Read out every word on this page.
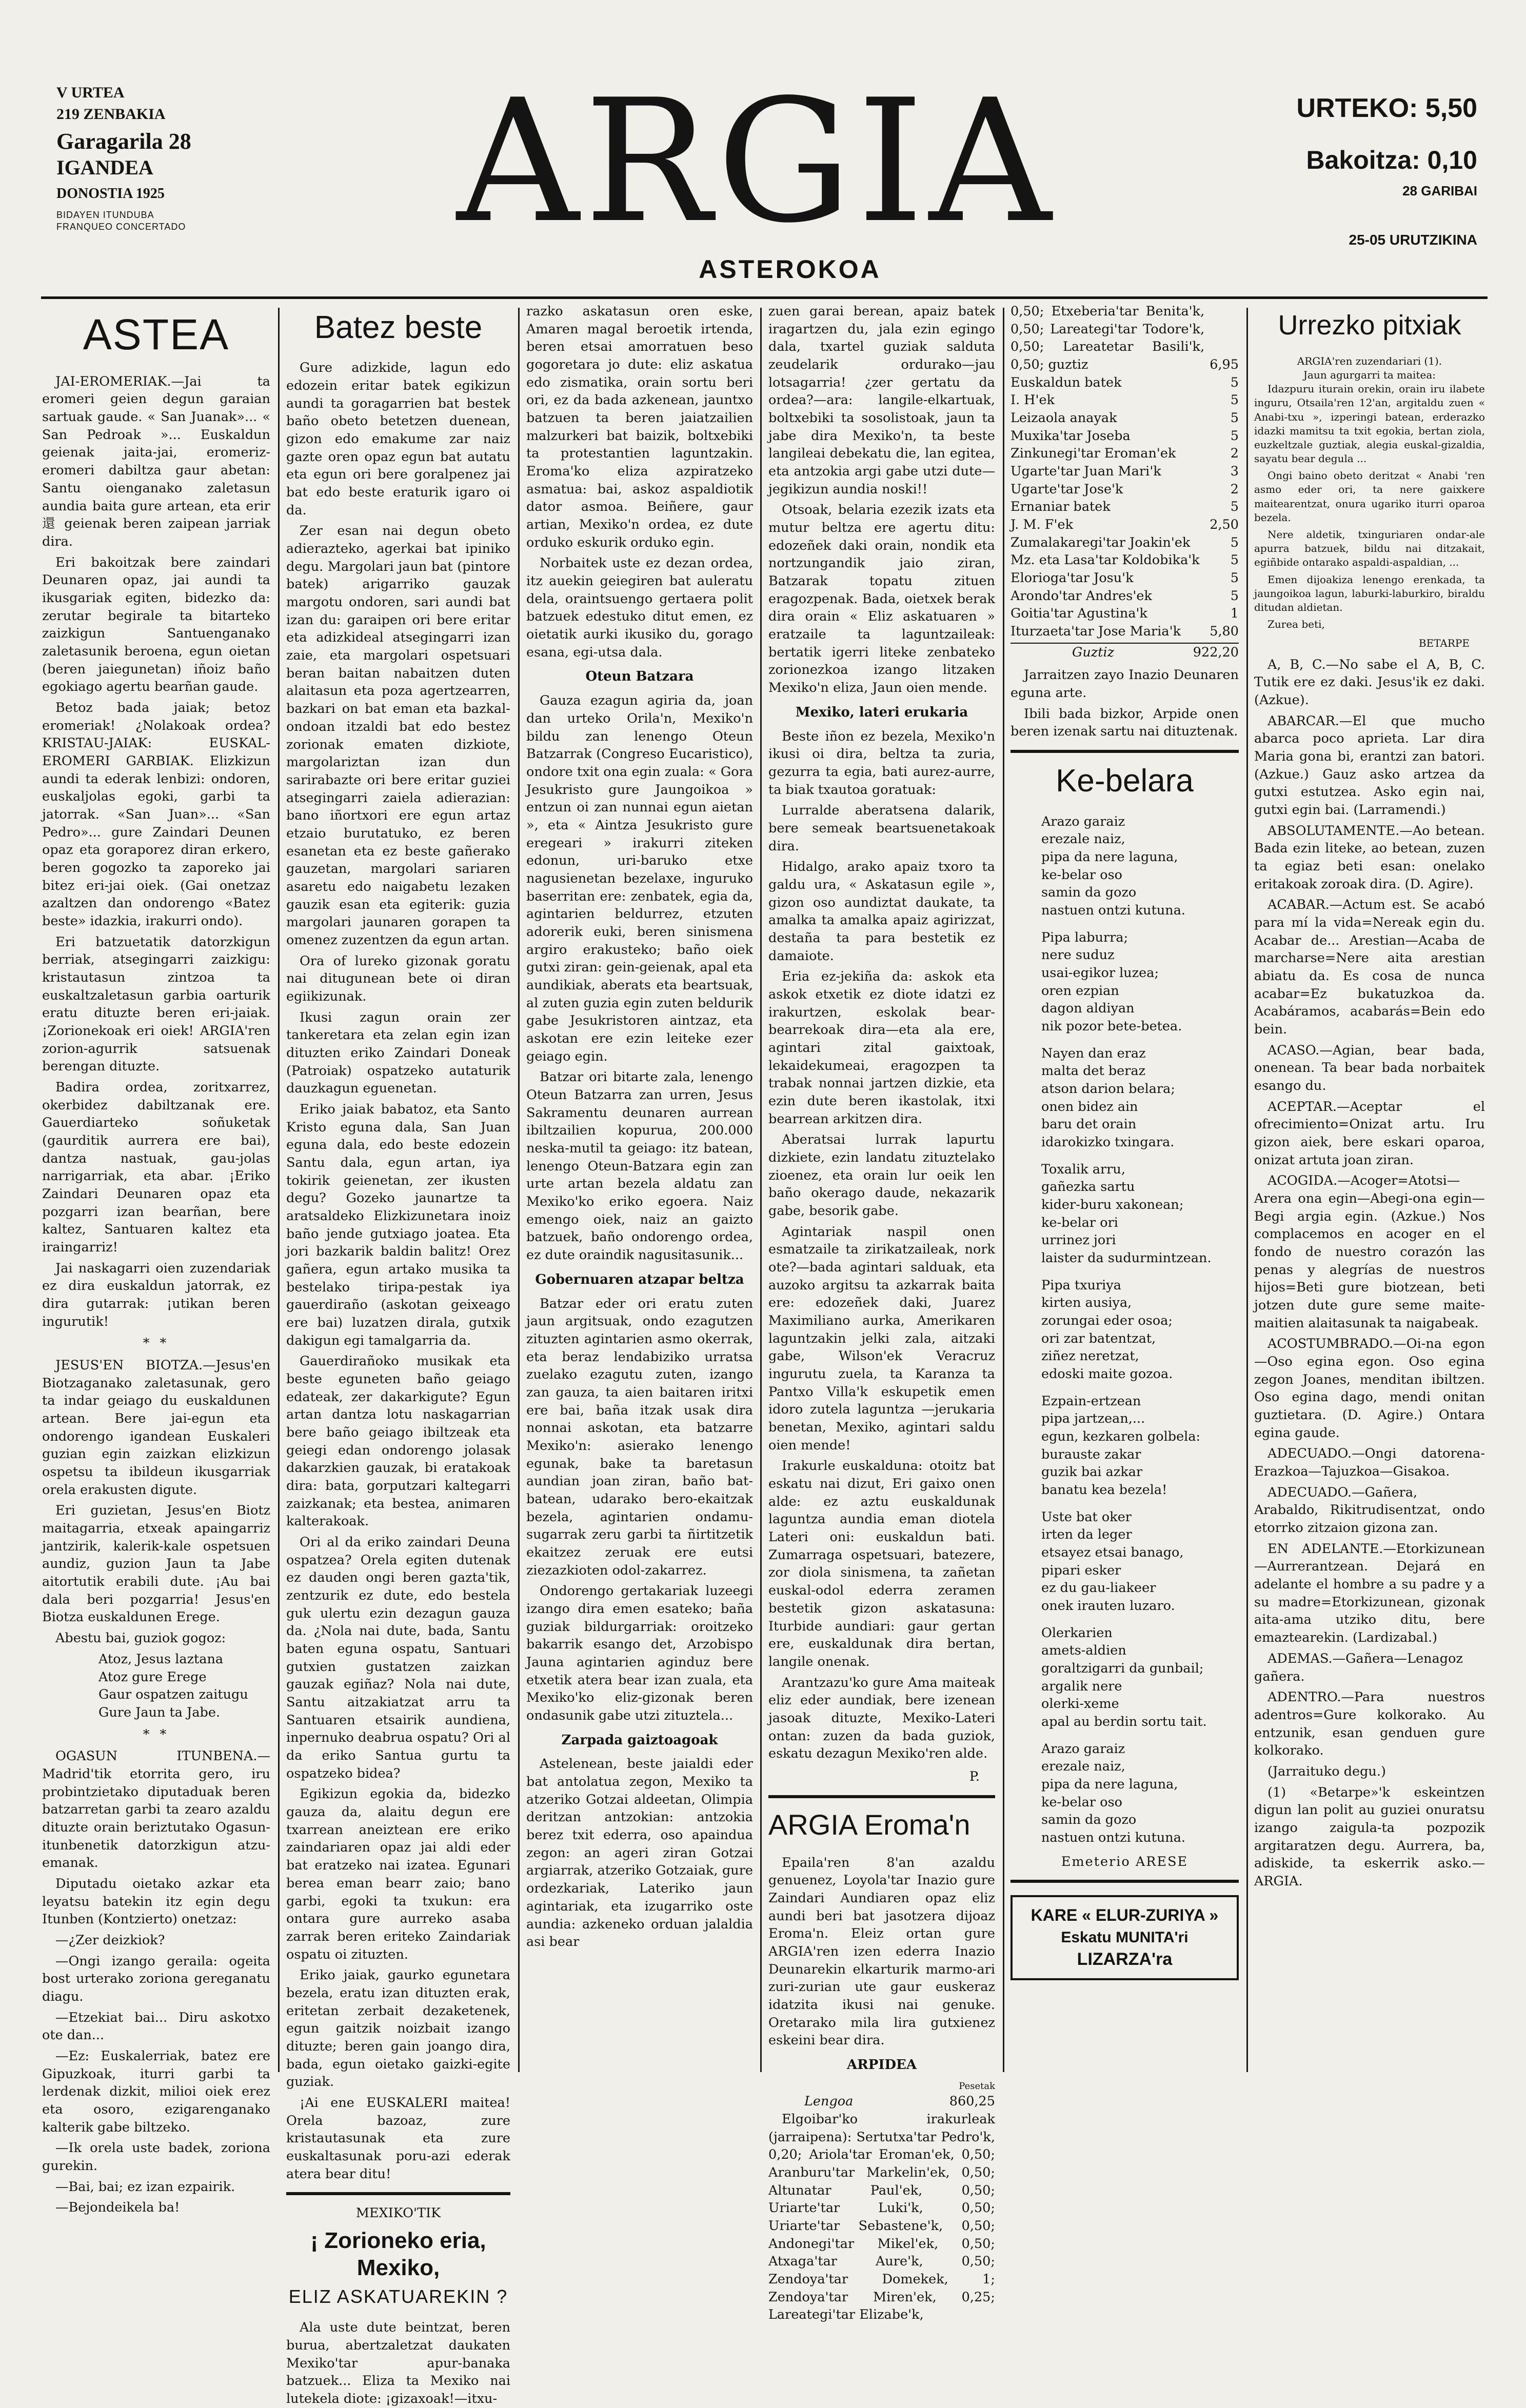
V URTEA
219 ZENBAKIA
Garagarila 28
IGANDEA
DONOSTIA 1925
BIDAYEN ITUNDUBA
FRANQUEO CONCERTADO	ARGIA
ASTEROKOA
URTEKO: 5,50
Bakoitza: 0,10
28 GARIBAI
25-05 URUTZIKINA
ASTEA

JAI-EROMERIAK.—Jai ta eromeri geien degun garaian sartuak gaude. « San Juanak»... « San Pedroak »... Euskaldun geienak jaita-jai, eromeriz-eromeri dabiltza gaur abetan: Santu oienganako zaletasun aundia baita gure artean, eta erir還 geienak beren zaipean jarriak dira.

Eri bakoitzak bere zaindari Deunaren opaz, jai aundi ta ikusgariak egiten, bidezko da: zerutar begirale ta bitarteko zaizkigun Santuenganako zaletasunik beroena, egun oietan (beren jaiegunetan) iñoiz baño egokiago agertu bearñan gaude.

Betoz bada jaiak; betoz eromeriak! ¿Nolakoak ordea? KRISTAU-JAIAK: EUSKAL-EROMERI GARBIAK. Elizkizun aundi ta ederak lenbizi: ondoren, euskaljolas egoki, garbi ta jatorrak. «San Juan»... «San Pedro»... gure Zaindari Deunen opaz eta goraporez diran erkero, beren gogozko ta zaporeko jai bitez eri-jai oiek. (Gai onetzaz azaltzen dan ondorengo «Batez beste» idazkia, irakurri ondo).

Eri batzuetatik datorzkigun berriak, atsegingarri zaizkigu: kristautasun zintzoa ta euskaltzaletasun garbia oarturik eratu dituzte beren eri-jaiak. ¡Zorionekoak eri oiek! ARGIA'ren zorion-agurrik satsuenak berengan dituzte.

Badira ordea, zoritxarrez, okerbidez dabiltzanak ere. Gauerdiarteko soñuketak (gaurditik aurrera ere bai), dantza nastuak, gau-jolas narrigarriak, eta abar. ¡Eriko Zaindari Deunaren opaz eta pozgarri izan bearñan, bere kaltez, Santuaren kaltez eta iraingarriz!

Jai naskagarri oien zuzendariak ez dira euskaldun jatorrak, ez dira gutarrak: ¡utikan beren ingurutik!

* *

JESUS'EN BIOTZA.—Jesus'en Biotzaganako zaletasunak, gero ta indar geiago du euskaldunen artean. Bere jai-egun eta ondorengo igandean Euskaleri guzian egin zaizkan elizkizun ospetsu ta ibildeun ikusgarriak orela erakusten digute.

Eri guzietan, Jesus'en Biotz maitagarria, etxeak apaingarriz jantzirik, kalerik-kale ospetsuen aundiz, guzion Jaun ta Jabe aitortutik erabili dute. ¡Au bai dala beri pozgarria! Jesus'en Biotza euskaldunen Erege.

Abestu bai, guziok gogoz:

Atoz, Jesus laztana
Atoz gure Erege
Gaur ospatzen zaitugu
Gure Jaun ta Jabe.
* *

OGASUN ITUNBENA.—Madrid'tik etorrita gero, iru probintzietako diputaduak beren batzarretan garbi ta zearo azaldu dituzte orain beriztutako Ogasun-itunbenetik datorzkigun atzu-emanak.

Diputadu oietako azkar eta leyatsu batekin itz egin degu Itunben (Kontzierto) onetzaz:

—¿Zer deizkiok?

—Ongi izango geraila: ogeita bost urterako zoriona gereganatu diagu.

—Etzekiat bai... Diru askotxo ote dan...

—Ez: Euskalerriak, batez ere Gipuzkoak, iturri garbi ta lerdenak dizkit, milioi oiek erez eta osoro, ezigarenganako kalterik gabe biltzeko.

—Ik orela uste badek, zoriona gurekin.

—Bai, bai; ez izan ezpairik.

—Bejondeikela ba!

Batez beste

Gure adizkide, lagun edo edozein eritar batek egikizun aundi ta goragarrien bat bestek baño obeto betetzen duenean, gizon edo emakume zar naiz gazte oren opaz egun bat autatu eta egun ori bere goralpenez jai bat edo beste eraturik igaro oi da.

Zer esan nai degun obeto adierazteko, agerkai bat ipiniko degu. Margolari jaun bat (pintore batek) arigarriko gauzak margotu ondoren, sari aundi bat izan du: garaipen ori bere eritar eta adizkideal atsegingarri izan zaie, eta margolari ospetsuari beran baitan nabaitzen duten alaitasun eta poza agertzearren, bazkari on bat eman eta bazkal-ondoan itzaldi bat edo bestez zorionak ematen dizkiote, margolariztan izan dun sarirabazte ori bere eritar guziei atsegingarri zaiela adierazian: bano iñortxori ere egun artaz etzaio burutatuko, ez beren esanetan eta ez beste gañerako gauzetan, margolari sariaren asaretu edo naigabetu lezaken gauzik esan eta egiterik: guzia margolari jaunaren gorapen ta omenez zuzentzen da egun artan.

Ora of lureko gizonak goratu nai ditugunean bete oi diran egiikizunak.

Ikusi zagun orain zer tankeretara eta zelan egin izan dituzten eriko Zaindari Doneak (Patroiak) ospatzeko autaturik dauzkagun eguenetan.

Eriko jaiak babatoz, eta Santo Kristo eguna dala, San Juan eguna dala, edo beste edozein Santu dala, egun artan, iya tokirik geienetan, zer ikusten degu? Gozeko jaunartze ta aratsaldeko Elizkizunetara inoiz baño jende gutxiago joatea. Eta jori bazkarik baldin balitz! Orez gañera, egun artako musika ta bestelako tiripa-pestak iya gauerdiraño (askotan geixeago ere bai) luzatzen dirala, gutxik dakigun egi tamalgarria da.

Gauerdirañoko musikak eta beste eguneten baño geiago edateak, zer dakarkigute? Egun artan dantza lotu naskagarrian bere baño geiago ibiltzeak eta geiegi edan ondorengo jolasak dakarzkien gauzak, bi eratakoak dira: bata, gorputzari kaltegarri zaizkanak; eta bestea, animaren kalterakoak.

Ori al da eriko zaindari Deuna ospatzea? Orela egiten dutenak ez dauden ongi beren gazta'tik, zentzurik ez dute, edo bestela guk ulertu ezin dezagun gauza da. ¿Nola nai dute, bada, Santu baten eguna ospatu, Santuari gutxien gustatzen zaizkan gauzak egiñaz? Nola nai dute, Santu aitzakiatzat arru ta Santuaren etsairik aundiena, inpernuko deabrua ospatu? Ori al da eriko Santua gurtu ta ospatzeko bidea?

Egikizun egokia da, bidezko gauza da, alaitu degun ere txarrean aneiztean ere eriko zaindariaren opaz jai aldi eder bat eratzeko nai izatea. Egunari berea eman bearr zaio; bano garbi, egoki ta txukun: era ontara gure aurreko asaba zarrak beren eriteko Zaindariak ospatu oi zituzten.

Eriko jaiak, gaurko egunetara bezela, eratu izan dituzten erak, eritetan zerbait dezaketenek, egun gaitzik noizbait izango dituzte; beren gain joango dira, bada, egun oietako gaizki-egite guziak.

¡Ai ene EUSKALERI maitea! Orela bazoaz, zure kristautasunak eta zure euskaltasunak poru-azi ederak atera bear ditu!

MEXIKO'TIK
¡ Zorioneko eria, Mexiko,
ELIZ ASKATUAREKIN ?

Ala uste dute beintzat, beren burua, abertzaletzat daukaten Mexiko'tar apur-banaka batzuek... Eliza ta Mexiko nai lutekela diote: ¡gizaxoak!—itxu-

razko askatasun oren eske, Amaren magal beroetik irtenda, beren etsai amorratuen beso gogoretara jo dute: eliz askatua edo zismatika, orain sortu beri ori, ez da bada azkenean, jauntxo batzuen ta beren jaiatzailien malzurkeri bat baizik, boltxebiki ta protestantien laguntzakin. Eroma'ko eliza azpiratzeko asmatua: bai, askoz aspaldiotik dator asmoa. Beiñere, gaur artian, Mexiko'n ordea, ez dute orduko eskurik orduko egin.

Norbaitek uste ez dezan ordea, itz auekin geiegiren bat auleratu dela, oraintsuengo gertaera polit batzuek edestuko ditut emen, ez oietatik aurki ikusiko du, gorago esana, egi-utsa dala.

Oteun Batzara

Gauza ezagun agiria da, joan dan urteko Orila'n, Mexiko'n bildu zan lenengo Oteun Batzarrak (Congreso Eucaristico), ondore txit ona egin zuala: « Gora Jesukristo gure Jaungoikoa » entzun oi zan nunnai egun aietan », eta « Aintza Jesukristo gure eregeari » irakurri ziteken edonun, uri-baruko etxe nagusienetan bezelaxe, inguruko baserritan ere: zenbatek, egia da, agintarien beldurrez, etzuten adorerik euki, beren sinismena argiro erakusteko; baño oiek gutxi ziran: gein-geienak, apal eta aundikiak, aberats eta beartsuak, al zuten guzia egin zuten beldurik gabe Jesukristoren aintzaz, eta askotan ere ezin leiteke ezer geiago egin.

Batzar ori bitarte zala, lenengo Oteun Batzarra zan urren, Jesus Sakramentu deunaren aurrean ibiltzailien kopurua, 200.000 neska-mutil ta geiago: itz batean, lenengo Oteun-Batzara egin zan urte artan bezela aldatu zan Mexiko'ko eriko egoera. Naiz emengo oiek, naiz an gaizto batzuek, baño ondorengo ordea, ez dute oraindik nagusitasunik...

Gobernuaren atzapar beltza

Batzar eder ori eratu zuten jaun argitsuak, ondo ezagutzen zituzten agintarien asmo okerrak, eta beraz lendabiziko urratsa zuelako ezagutu zuten, izango zan gauza, ta aien baitaren iritxi ere bai, baña itzak usak dira nonnai askotan, eta batzarre Mexiko'n: asierako lenengo egunak, bake ta baretasun aundian joan ziran, baño bat-batean, udarako bero-ekaitzak bezela, agintarien ondamu-sugarrak zeru garbi ta ñirtitzetik ekaitzez zeruak ere eutsi ziezazkioten odol-zakarrez.

Ondorengo gertakariak luzeegi izango dira emen esateko; baña guziak bildurgarriak: oroitzeko bakarrik esango det, Arzobispo Jauna agintarien aginduz bere etxetik atera bear izan zuala, eta Mexiko'ko eliz-gizonak beren ondasunik gabe utzi zituztela...

Zarpada gaiztoagoak

Astelenean, beste jaialdi eder bat antolatua zegon, Mexiko ta atzeriko Gotzai aldeetan, Olimpia deritzan antzokian: antzokia berez txit ederra, oso apaindua zegon: an ageri ziran Gotzai argiarrak, atzeriko Gotzaiak, gure ordezkariak, Lateriko jaun agintariak, eta izugarriko oste aundia: azkeneko orduan jalaldia asi bear

zuen garai berean, apaiz batek iragartzen du, jala ezin egingo dala, txartel guziak salduta zeudelarik ordurako—jau lotsagarria! ¿zer gertatu da ordea?—ara: langile-elkartuak, boltxebiki ta sosolistoak, jaun ta jabe dira Mexiko'n, ta beste langileai debekatu die, lan egitea, eta antzokia argi gabe utzi dute—jegikizun aundia noski!!

Otsoak, belaria ezezik izats eta mutur beltza ere agertu ditu: edozeñek daki orain, nondik eta nortzungandik jaio ziran, Batzarak topatu zituen eragozpenak. Bada, oietxek berak dira orain « Eliz askatuaren » eratzaile ta laguntzaileak: bertatik igerri liteke zenbateko zorionezkoa izango litzaken Mexiko'n eliza, Jaun oien mende.

Mexiko, lateri erukaria

Beste iñon ez bezela, Mexiko'n ikusi oi dira, beltza ta zuria, gezurra ta egia, bati aurez-aurre, ta biak txautoa goratuak:

Lurralde aberatsena dalarik, bere semeak beartsuenetakoak dira.

Hidalgo, arako apaiz txoro ta galdu ura, « Askatasun egile », gizon oso aundiztat daukate, ta amalka ta amalka apaiz agirizzat, destaña ta para bestetik ez damaiote.

Eria ez-jekiña da: askok eta askok etxetik ez diote idatzi ez irakurtzen, eskolak bear-bearrekoak dira—eta ala ere, agintari zital gaixtoak, lekaidekumeai, eragozpen ta trabak nonnai jartzen dizkie, eta ezin dute beren ikastolak, itxi bearrean arkitzen dira.

Aberatsai lurrak lapurtu dizkiete, ezin landatu zituztelako zioenez, eta orain lur oeik len baño okerago daude, nekazarik gabe, besorik gabe.

Agintariak naspil onen esmatzaile ta zirikatzaileak, nork ote?—bada agintari salduak, eta auzoko argitsu ta azkarrak baita ere: edozeñek daki, Juarez Maximiliano aurka, Amerikaren laguntzakin jelki zala, aitzaki gabe, Wilson'ek Veracruz ingurutu zuela, ta Karanza ta Pantxo Villa'k eskupetik emen idoro zutela laguntza —jerukaria benetan, Mexiko, agintari saldu oien mende!

Irakurle euskalduna: otoitz bat eskatu nai dizut, Eri gaixo onen alde: ez aztu euskaldunak laguntza aundia eman diotela Lateri oni: euskaldun bati. Zumarraga ospetsuari, batezere, zor diola sinismena, ta zañetan euskal-odol ederra zeramen bestetik gizon askatasuna: Iturbide aundiari: gaur gertan ere, euskaldunak dira bertan, langile onenak.

Arantzazu'ko gure Ama maiteak eliz eder aundiak, bere izenean jasoak dituzte, Mexiko-Lateri ontan: zuzen da bada guziok, eskatu dezagun Mexiko'ren alde.

P.
ARGIA Eroma'n

Epaila'ren 8'an azaldu genuenez, Loyola'tar Inazio gure Zaindari Aundiaren opaz eliz aundi beri bat jasotzera dijoaz Eroma'n. Eleiz ortan gure ARGIA'ren izen ederra Inazio Deunarekin elkarturik marmo-ari zuri-zurian ute gaur euskeraz idatzita ikusi nai genuke. Oretarako mila lira gutxienez eskeini bear dira.

ARPIDEA
Pesetak
Lengoa	860,25

Elgoibar'ko irakurleak (jarraipena): Sertutxa'tar Pedro'k, 0,20; Ariola'tar Eroman'ek, 0,50; Aranburu'tar Markelin'ek, 0,50; Altunatar Paul'ek, 0,50; Uriarte'tar Luki'k, 0,50; Uriarte'tar Sebastene'k, 0,50; Andonegi'tar Mikel'ek, 0,50; Atxaga'tar Aure'k, 0,50; Zendoya'tar Domekek, 1; Zendoya'tar Miren'ek, 0,25; Lareategi'tar Elizabe'k,

0,50; Etxeberia'tar Benita'k, 0,50; Lareategi'tar Todore'k, 0,50; Lareatetar Basili'k, 0,50; guztiz	6,95
Euskaldun batek	5
I. H'ek	5
Leizaola anayak	5
Muxika'tar Joseba	5
Zinkunegi'tar Eroman'ek	2
Ugarte'tar Juan Mari'k	3
Ugarte'tar Jose'k	2
Ernaniar batek	5
J. M. F'ek	2,50
Zumalakaregi'tar Joakin'ek	5
Mz. eta Lasa'tar Koldobika'k	5
Elorioga'tar Josu'k	5
Arondo'tar Andres'ek	5
Goitia'tar Agustina'k	1
Iturzaeta'tar Jose Maria'k	5,80
Guztiz	922,20

Jarraitzen zayo Inazio Deunaren eguna arte.

Ibili bada bizkor, Arpide onen beren izenak sartu nai dituztenak.

Ke-belara
Arazo garaiz
erezale naiz,
pipa da nere laguna,
ke-belar oso
samin da gozo
nastuen ontzi kutuna.
Pipa laburra;
nere suduz
usai-egikor luzea;
oren ezpian
dagon aldiyan
nik pozor bete-betea.
Nayen dan eraz
malta det beraz
atson darion belara;
onen bidez ain
baru det orain
idarokizko txingara.
Toxalik arru,
gañezka sartu
kider-buru xakonean;
ke-belar ori
urrinez jori
laister da sudurmintzean.
Pipa txuriya
kirten ausiya,
zorungai eder osoa;
ori zar batentzat,
ziñez neretzat,
edoski maite gozoa.
Ezpain-ertzean
pipa jartzean,...
egun, kezkaren golbela:
burauste zakar
guzik bai azkar
banatu kea bezela!
Uste bat oker
irten da leger
etsayez etsai banago,
pipari esker
ez du gau-liakeer
onek irauten luzaro.
Olerkarien
amets-aldien
goraltzigarri da gunbail;
argalik nere
olerki-xeme
apal au berdin sortu tait.
Arazo garaiz
erezale naiz,
pipa da nere laguna,
ke-belar oso
samin da gozo
nastuen ontzi kutuna.
Emeterio ARESE
KARE « ELUR-ZURIYA »
Eskatu MUNITA'ri
LIZARZA'ra
Urrezko pitxiak
ARGIA'ren zuzendariari (1).
Jaun agurgarri ta maitea:

Idazpuru iturain orekin, orain iru ilabete inguru, Otsaila'ren 12'an, argitaldu zuen « Anabi-txu », izperingi batean, erderazko idazki mamitsu ta txit egokia, bertan ziola, euzkeltzale guztiak, alegia euskal-gizaldia, sayatu bear degula ...

Ongi baino obeto deritzat « Anabi 'ren asmo eder ori, ta nere gaixkere maitearentzat, onura ugariko iturri oparoa bezela.

Nere aldetik, txinguriaren ondar-ale apurra batzuek, bildu nai ditzakait, egiñbide ontarako aspaldi-aspaldian, ...

Emen dijoakiza lenengo erenkada, ta jaungoikoa lagun, laburki-laburkiro, biraldu ditudan aldietan.

Zurea beti,

BETARPE

A, B, C.—No sabe el A, B, C. Tutik ere ez daki. Jesus'ik ez daki. (Azkue).

ABARCAR.—El que mucho abarca poco aprieta. Lar dira Maria gona bi, erantzi zan batori. (Azkue.) Gauz asko artzea da gutxi estutzea. Asko egin nai, gutxi egin bai. (Larramendi.)

ABSOLUTAMENTE.—Ao betean. Bada ezin liteke, ao betean, zuzen ta egiaz beti esan: onelako eritakoak zoroak dira. (D. Agire).

ACABAR.—Actum est. Se acabó para mí la vida=Nereak egin du. Acabar de... Arestian—Acaba de marcharse=Nere aita arestian abiatu da. Es cosa de nunca acabar=Ez bukatuzkoa da. Acabáramos, acabarás=Bein edo bein.

ACASO.—Agian, bear bada, onenean. Ta bear bada norbaitek esango du.

ACEPTAR.—Aceptar el ofrecimiento=Onizat artu. Iru gizon aiek, bere eskari oparoa, onizat artuta joan ziran.

ACOGIDA.—Acoger=Atotsi—Arera ona egin—Abegi-ona egin—Begi argia egin. (Azkue.) Nos complacemos en acoger en el fondo de nuestro corazón las penas y alegrías de nuestros hijos=Beti gure biotzean, beti jotzen dute gure seme maite-maitien alaitasunak ta naigabeak.

ACOSTUMBRADO.—Oi-na egon—Oso egina egon. Oso egina zegon Joanes, menditan ibiltzen. Oso egina dago, mendi onitan guztietara. (D. Agire.) Ontara egina gaude.

ADECUADO.—Ongi datorena-Erazkoa—Tajuzkoa—Gisakoa.

ADECUADO.—Gañera, Arabaldo, Rikitrudisentzat, ondo etorrko zitzaion gizona zan.

EN ADELANTE.—Etorkizunean—Aurrerantzean. Dejará en adelante el hombre a su padre y a su madre=Etorkizunean, gizonak aita-ama utziko ditu, bere emaztearekin. (Lardizabal.)

ADEMAS.—Gañera—Lenagoz gañera.

ADENTRO.—Para nuestros adentros=Gure kolkorako. Au entzunik, esan genduen gure kolkorako.

(Jarraituko degu.)

(1) «Betarpe»'k eskeintzen digun lan polit au guziei onuratsu izango zaigula-ta pozpozik argitaratzen degu. Aurrera, ba, adiskide, ta eskerrik asko.—ARGIA.
